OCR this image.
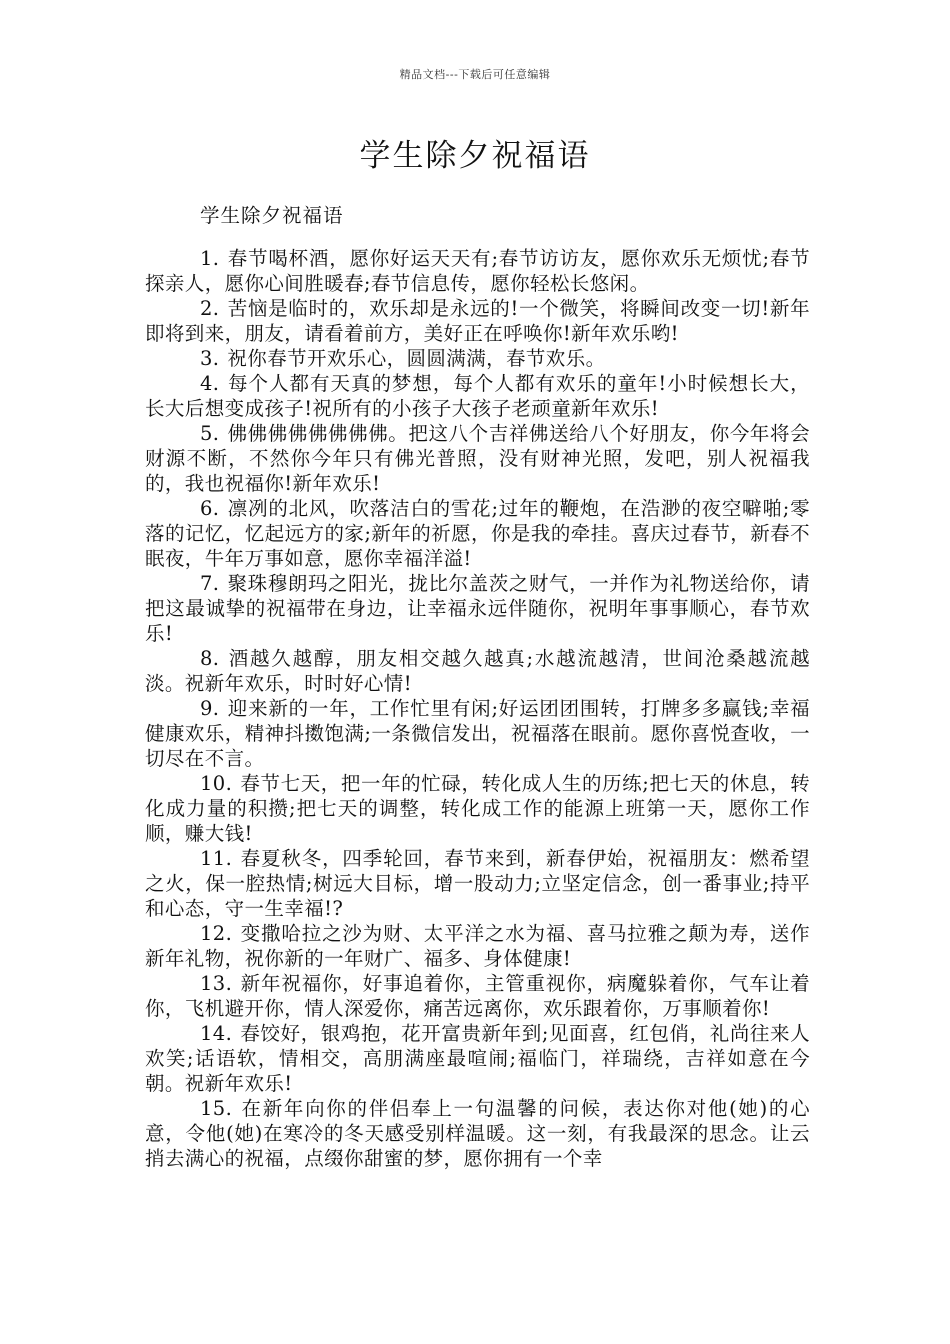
精品文档---下载后可任意编辑
学生除夕祝福语
学生除夕祝福语

1. 春节喝杯酒，愿你好运天天有;春节访访友，愿你欢乐无烦忧;春节探亲人，愿你心间胜暖春;春节信息传，愿你轻松长悠闲。

2. 苦恼是临时的，欢乐却是永远的!一个微笑，将瞬间改变一切!新年即将到来，朋友，请看着前方，美好正在呼唤你!新年欢乐哟!

3. 祝你春节开欢乐心，圆圆满满，春节欢乐。

4. 每个人都有天真的梦想，每个人都有欢乐的童年!小时候想长大，长大后想变成孩子!祝所有的小孩子大孩子老顽童新年欢乐!

5. 佛佛佛佛佛佛佛佛。把这八个吉祥佛送给八个好朋友，你今年将会财源不断，不然你今年只有佛光普照，没有财神光照，发吧，别人祝福我的，我也祝福你!新年欢乐!

6. 凛冽的北风，吹落洁白的雪花;过年的鞭炮，在浩渺的夜空噼啪;零落的记忆，忆起远方的家;新年的祈愿，你是我的牵挂。喜庆过春节，新春不眠夜，牛年万事如意，愿你幸福洋溢!

7. 聚珠穆朗玛之阳光，拢比尔盖茨之财气，一并作为礼物送给你，请把这最诚挚的祝福带在身边，让幸福永远伴随你，祝明年事事顺心，春节欢乐!

8. 酒越久越醇，朋友相交越久越真;水越流越清，世间沧桑越流越淡。祝新年欢乐，时时好心情!

9. 迎来新的一年，工作忙里有闲;好运团团围转，打牌多多赢钱;幸福健康欢乐，精神抖擞饱满;一条微信发出，祝福落在眼前。愿你喜悦查收，一切尽在不言。

10. 春节七天，把一年的忙碌，转化成人生的历练;把七天的休息，转化成力量的积攒;把七天的调整，转化成工作的能源上班第一天，愿你工作顺，赚大钱!

11. 春夏秋冬，四季轮回，春节来到，新春伊始，祝福朋友：燃希望之火，保一腔热情;树远大目标，增一股动力;立坚定信念，创一番事业;持平和心态，守一生幸福!?

12. 变撒哈拉之沙为财、太平洋之水为福、喜马拉雅之颠为寿，送作新年礼物，祝你新的一年财广、福多、身体健康!

13. 新年祝福你，好事追着你，主管重视你，病魔躲着你，气车让着你，飞机避开你，情人深爱你，痛苦远离你，欢乐跟着你，万事顺着你!

14. 春饺好，银鸡抱，花开富贵新年到;见面喜，红包俏，礼尚往来人欢笑;话语软，情相交，高朋满座最喧闹;福临门，祥瑞绕，吉祥如意在今朝。祝新年欢乐!

15. 在新年向你的伴侣奉上一句温馨的问候，表达你对他(她)的心意，令他(她)在寒冷的冬天感受别样温暖。这一刻，有我最深的思念。让云捎去满心的祝福，点缀你甜蜜的梦，愿你拥有一个幸
